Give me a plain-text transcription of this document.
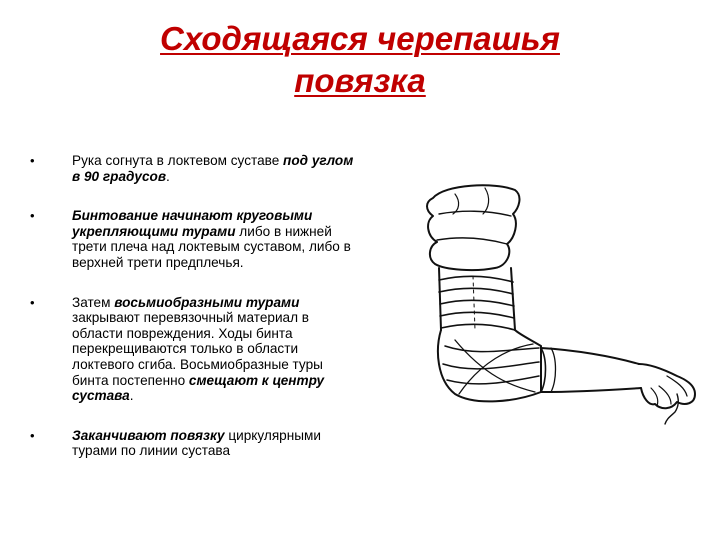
Сходящаяся черепашья
повязка
•	Рука согнута в локтевом суставе под углом в 90 градусов.
•	Бинтование начинают круговыми укрепляющими турами либо в нижней трети плеча над локтевым суставом, либо в верхней трети предплечья.
•	Затем восьмиобразными турами закрывают перевязочный материал в области повреждения. Ходы бинта перекрещиваются только в области локтевого сгиба. Восьмиобразные туры бинта постепенно смещают к центру сустава.
•	Заканчивают повязку циркулярными турами по линии сустава
